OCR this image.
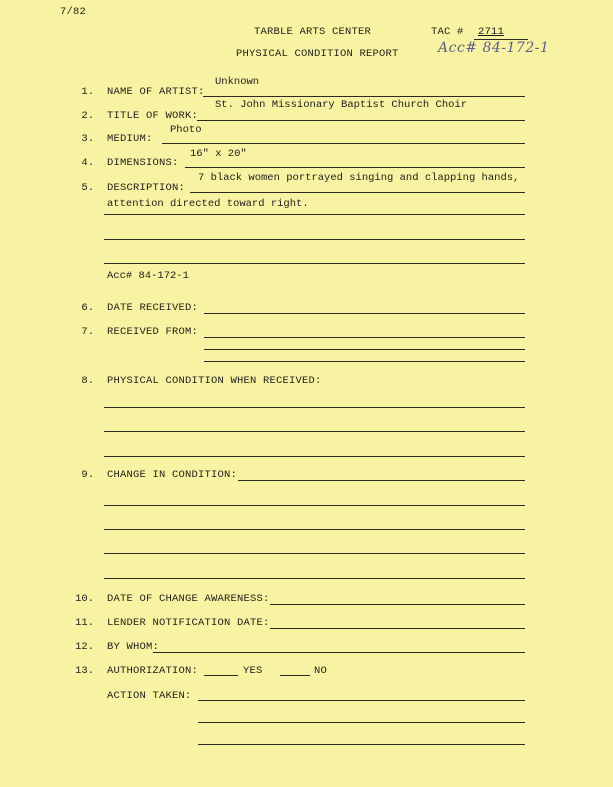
7/82
TARBLE ARTS CENTER	TAC # 2711
PHYSICAL CONDITION REPORT	Acc# 84-172-1
1. NAME OF ARTIST:
Unknown
2. TITLE OF WORK:
St. John Missionary Baptist Church Choir
3. MEDIUM:
Photo
4. DIMENSIONS:
16" x 20"
5. DESCRIPTION:
7 black women portrayed singing and clapping hands,
attention directed toward right.
Acc# 84-172-1
6. DATE RECEIVED:
7. RECEIVED FROM:
8. PHYSICAL CONDITION WHEN RECEIVED:
9. CHANGE IN CONDITION:
10. DATE OF CHANGE AWARENESS:
11. LENDER NOTIFICATION DATE:
12. BY WHOM:
13. AUTHORIZATION:	YES	NO
ACTION TAKEN:
